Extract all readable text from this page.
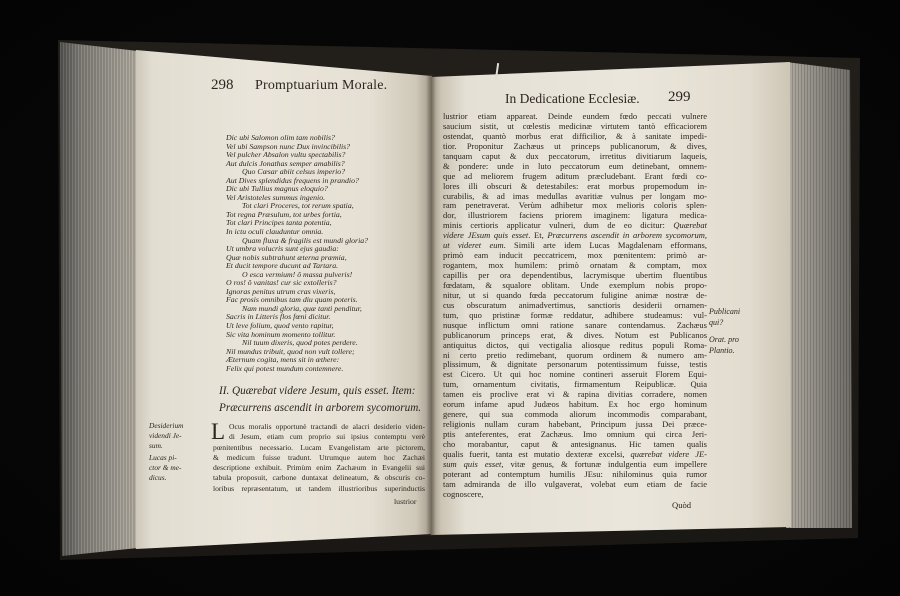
298 Promptuarium Morale.
In Dedicatione Ecclesiæ. 299
Dic ubi Salomon olim tam nobilis?
Vel ubi Sampson nunc Dux invincibilis?
Vel pulcher Absalon vultu spectabilis?
Aut dulcis Jonathas semper amabilis?
Quo Cæsar abiit celsus imperio?
Aut Dives splendidus frequens in prandio?
Dic ubi Tullius magnus eloquio?
Vel Aristoteles summus ingenio.
Tot clari Proceres, tot rerum spatia,
Tot regna Præsulum, tot urbes fortia,
Tot clari Principes tanta potentia,
In ictu oculi clauduntur omnia.
Quam fluxa & fragilis est mundi gloria?
Ut umbra volucris sunt ejus gaudia:
Quæ nobis subtrahunt æterna præmia,
Et ducit tempore ducunt ad Tartara.
O esca vermium! ô massa pulveris!
O ros! ô vanitas! cur sic extolleris?
Ignoras penitus utrum cras vixeris,
Fac prosis omnibus tam diu quam poteris.
Nam mundi gloria, quæ tanti penditur,
Sacris in Litteris flos fœni dicitur.
Ut leve folium, quod vento rapitur,
Sic vita hominum momento tollitur.
Nil tuum dixeris, quod potes perdere.
Nil mundus tribuit, quod non vult tollere;
Æternum cogita, mens sit in æthere:
Felix qui potest mundum contemnere.
II. Quærebat videre Jesum, quis esset. Item:
Præcurrens ascendit in arborem sycomorum.
L Ocus moralis opportunè tractandi de alacri desiderio viden-
di Jesum, etiam cum proprio sui ipsius contemptu verè
pœnitentibus necessario. Lucam Evangelistam arte pictorem,
& medicum fuisse tradunt. Utrumque autem hoc Zachæi
descriptione exhibuit. Primùm enim Zachæum in Evangelii sui
tabula proposuit, carbone duntaxat delineatum, & obscuris co-
loribus repræsentatum, ut tandem illustrioribus superinductis
Desiderium
videndi Je-
sum.
Lucas pi-
ctor & me-
dicus.
lustrior
lustrior etiam appareat. Deinde eundem fœdo peccati vulnere
saucium sistit, ut cœlestis medicinæ virtutem tantò efficaciorem
ostendat, quantò morbus erat difficilior, & à sanitate impedi-
tior. Proponitur Zachæus ut princeps publicanorum, & dives,
tanquam caput & dux peccatorum, irretitus divitiarum laqueis,
& pondere: unde in luto peccatorum eum detinebant, omnem-
que ad meliorem frugem aditum præcludebant. Erant fœdi co-
lores illi obscuri & detestabiles: erat morbus propemodum in-
curabilis, & ad imas medullas avaritiæ vulnus per longam mo-
ram penetraverat. Verùm adhibetur mox melioris coloris splen-
dor, illustriorem faciens priorem imaginem: ligatura medica-
minis certioris applicatur vulneri, dum de eo dicitur: Quærebat
videre JEsum quis esset. Et, Præcurrens ascendit in arborem sycomorum,
ut videret eum. Simili arte idem Lucas Magdalenam efformans,
primò eam inducit peccatricem, mox pœnitentem: primò ar-
rogantem, mox humilem: primò ornatam & comptam, mox
capillis per ora dependentibus, lacrymisque ubertim fluentibus
fœdatam, & squalore oblitam. Unde exemplum nobis propo-
nitur, ut si quando fœda peccatorum fuligine animæ nostræ de-
cus obscuratum animadvertimus, sanctioris desiderii ornamen-
tum, quo pristinæ formæ reddatur, adhibere studeamus: vul-
nusque inflictum omni ratione sanare contendamus. Zachæus
publicanorum princeps erat, & dives. Notum est Publicanos
antiquitus dictos, qui vectigalia aliosque reditus populi Roma-
ni certo pretio redimebant, quorum ordinem & numero am-
plissimum, & dignitate personarum potentissimum fuisse, testis
est Cicero. Ut qui hoc nomine contineri asseruit Florem Equi-
tum, ornamentum civitatis, firmamentum Reipublicæ. Quia
tamen eis proclive erat vi & rapina divitias corradere, nomen
eorum infame apud Judæos habitum. Ex hoc ergo hominum
genere, qui sua commoda aliorum incommodis comparabant,
religionis nullam curam habebant, Principum jussa Dei præce-
ptis anteferentes, erat Zachæus. Imo omnium qui circa Jeri-
cho morabantur, caput & antesignanus. Hic tamen qualis
qualis fuerit, tanta est mutatio dexteræ excelsi, quærebat videre JE-
sum quis esset, vitæ genus, & fortunæ indulgentia eum impellere
poterant ad contemptum humilis JEsu: nihilominus quia rumor
tam admiranda de illo vulgaverat, volebat eum etiam de facie
cognoscere,
Publicani
qui?
Orat. pro
Plantio.
Quòd
